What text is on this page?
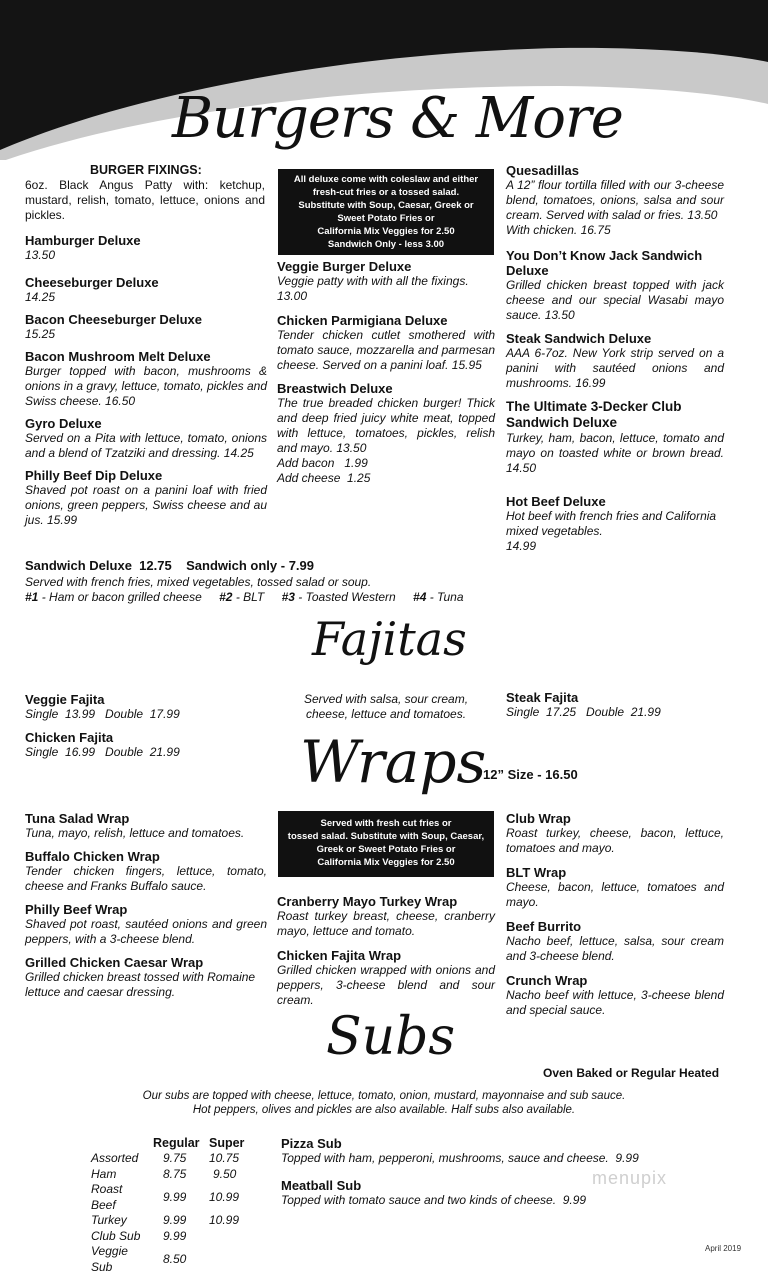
Burgers & More
BURGER FIXINGS:
6oz. Black Angus Patty with: ketchup, mustard, relish, tomato, lettuce, onions and pickles.
Hamburger Deluxe
13.50
Cheeseburger Deluxe
14.25
Bacon Cheeseburger Deluxe
15.25
Bacon Mushroom Melt Deluxe
Burger topped with bacon, mushrooms & onions in a gravy, lettuce, tomato, pickles and Swiss cheese. 16.50
Gyro Deluxe
Served on a Pita with lettuce, tomato, onions and a blend of Tzatziki and dressing. 14.25
Philly Beef Dip Deluxe
Shaved pot roast on a panini loaf with fried onions, green peppers, Swiss cheese and au jus. 15.99
All deluxe come with coleslaw and either
fresh-cut fries or a tossed salad.
Substitute with Soup, Caesar, Greek or
Sweet Potato Fries or
California Mix Veggies for 2.50
Sandwich Only - less 3.00
Veggie Burger Deluxe
Veggie patty with with all the fixings. 13.00
Chicken Parmigiana Deluxe
Tender chicken cutlet smothered with tomato sauce, mozzarella and parmesan cheese. Served on a panini loaf. 15.95
Breastwich Deluxe
The true breaded chicken burger! Thick and deep fried juicy white meat, topped with lettuce, tomatoes, pickles, relish and mayo. 13.50
Add bacon   1.99
Add cheese  1.25
Quesadillas
A 12” flour tortilla filled with our 3-cheese blend, tomatoes, onions, salsa and sour cream. Served with salad or fries. 13.50
With chicken. 16.75
You Don’t Know Jack Sandwich Deluxe
Grilled chicken breast topped with jack cheese and our special Wasabi mayo sauce. 13.50
Steak Sandwich Deluxe
AAA 6-7oz. New York strip served on a panini with sautéed onions and mushrooms. 16.99
The Ultimate 3-Decker Club Sandwich Deluxe
Turkey, ham, bacon, lettuce, tomato and mayo on toasted white or brown bread. 14.50
Hot Beef Deluxe
Hot beef with french fries and California mixed vegetables.
14.99
Sandwich Deluxe  12.75    Sandwich only - 7.99
Served with french fries, mixed vegetables, tossed salad or soup.
#1 - Ham or bacon grilled cheese #2 - BLT #3 - Toasted Western #4 - Tuna
Fajitas
Served with salsa, sour cream,
cheese, lettuce and tomatoes.
Veggie Fajita
Single  13.99   Double  17.99
Chicken Fajita
Single  16.99   Double  21.99
Steak Fajita
Single  17.25   Double  21.99
Wraps
12” Size - 16.50
Served with fresh cut fries or
tossed salad. Substitute with Soup, Caesar,
Greek or Sweet Potato Fries or
California Mix Veggies for 2.50
Tuna Salad Wrap
Tuna, mayo, relish, lettuce and tomatoes.
Buffalo Chicken Wrap
Tender chicken fingers, lettuce, tomato, cheese and Franks Buffalo sauce.
Philly Beef Wrap
Shaved pot roast, sautéed onions and green peppers, with a 3-cheese blend.
Grilled Chicken Caesar Wrap
Grilled chicken breast tossed with Romaine lettuce and caesar dressing.
Cranberry Mayo Turkey Wrap
Roast turkey breast, cheese, cranberry mayo, lettuce and tomato.
Chicken Fajita Wrap
Grilled chicken wrapped with onions and peppers, 3-cheese blend and sour cream.
Club Wrap
Roast turkey, cheese, bacon, lettuce, tomatoes and mayo.
BLT Wrap
Cheese, bacon, lettuce, tomatoes and mayo.
Beef Burrito
Nacho beef, lettuce, salsa, sour cream and 3-cheese blend.
Crunch Wrap
Nacho beef with lettuce, 3-cheese blend and special sauce.
Subs
Oven Baked or Regular Heated
Our subs are topped with cheese, lettuce, tomato, onion, mustard, mayonnaise and sub sauce.
Hot peppers, olives and pickles are also available. Half subs also available.
	Regular	Super
Assorted	9.75	10.75
Ham	8.75	9.50
Roast Beef	9.99	10.99
Turkey	9.99	10.99
Club Sub	9.99	
Veggie Sub	8.50	
Pizza Sub
Topped with ham, pepperoni, mushrooms, sauce and cheese.  9.99
Meatball Sub
Topped with tomato sauce and two kinds of cheese.  9.99
menupix
April 2019
